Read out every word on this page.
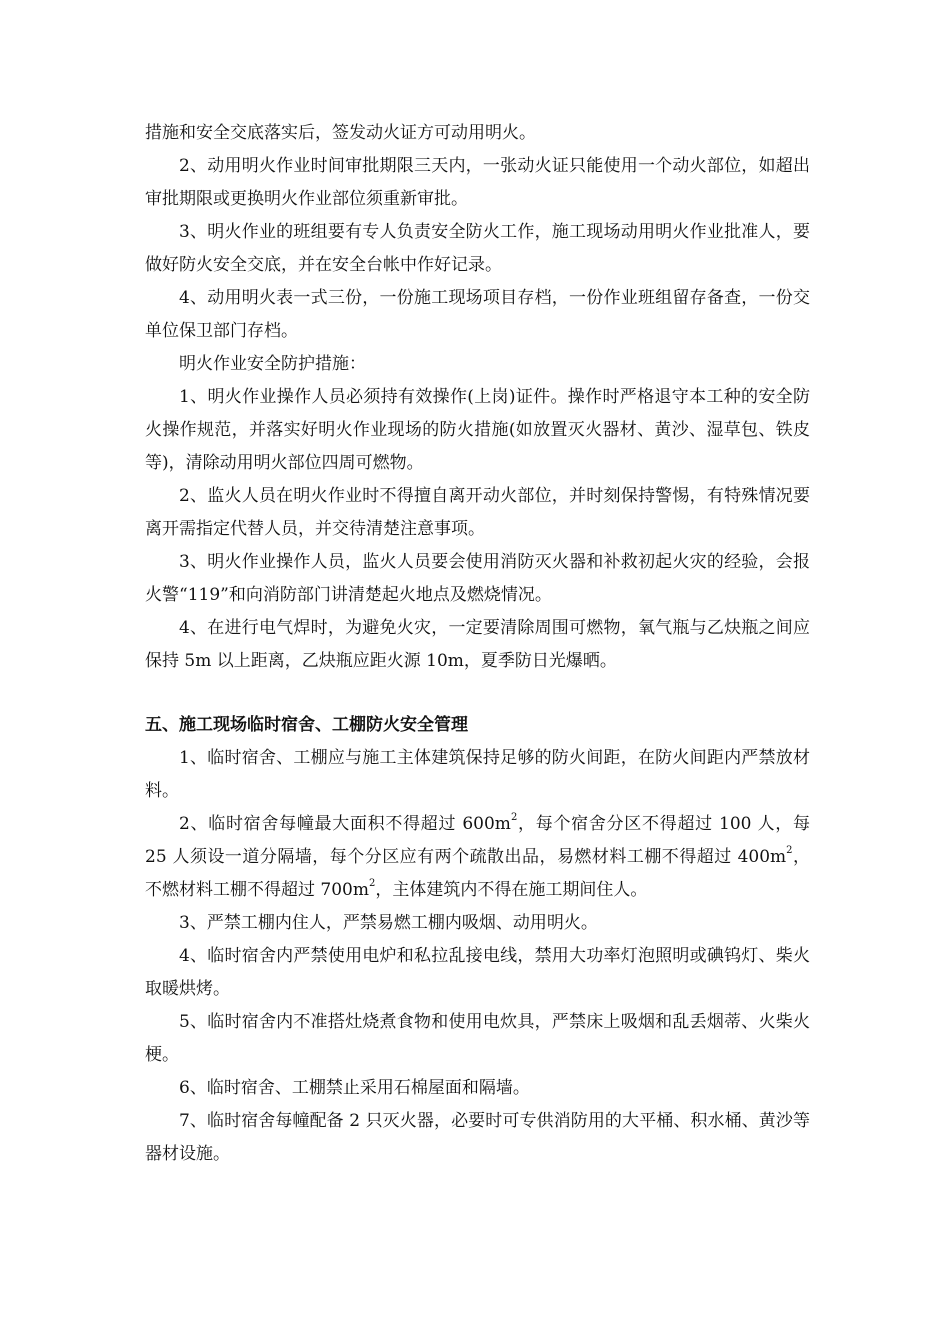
措施和安全交底落实后，签发动火证方可动用明火。

2、动用明火作业时间审批期限三天内，一张动火证只能使用一个动火部位，如超出审批期限或更换明火作业部位须重新审批。

3、明火作业的班组要有专人负责安全防火工作，施工现场动用明火作业批准人，要做好防火安全交底，并在安全台帐中作好记录。

4、动用明火表一式三份，一份施工现场项目存档，一份作业班组留存备查，一份交单位保卫部门存档。

明火作业安全防护措施：

1、明火作业操作人员必须持有效操作(上岗)证件。操作时严格退守本工种的安全防火操作规范，并落实好明火作业现场的防火措施(如放置灭火器材、黄沙、湿草包、铁皮等)，清除动用明火部位四周可燃物。

2、监火人员在明火作业时不得擅自离开动火部位，并时刻保持警惕，有特殊情况要离开需指定代替人员，并交待清楚注意事项。

3、明火作业操作人员，监火人员要会使用消防灭火器和补救初起火灾的经验，会报火警“119”和向消防部门讲清楚起火地点及燃烧情况。

4、在进行电气焊时，为避免火灾，一定要清除周围可燃物，氧气瓶与乙炔瓶之间应保持 5m 以上距离，乙炔瓶应距火源 10m，夏季防日光爆晒。

五、施工现场临时宿舍、工棚防火安全管理

1、临时宿舍、工棚应与施工主体建筑保持足够的防火间距，在防火间距内严禁放材料。

2、临时宿舍每幢最大面积不得超过 $600m^2$，每个宿舍分区不得超过 100 人，每 25 人须设一道分隔墙，每个分区应有两个疏散出品，易燃材料工棚不得超过 $400m^2$，不燃材料工棚不得超过 $700m^2$，主体建筑内不得在施工期间住人。

3、严禁工棚内住人，严禁易燃工棚内吸烟、动用明火。

4、临时宿舍内严禁使用电炉和私拉乱接电线，禁用大功率灯泡照明或碘钨灯、柴火取暖烘烤。

5、临时宿舍内不准搭灶烧煮食物和使用电炊具，严禁床上吸烟和乱丢烟蒂、火柴火梗。

6、临时宿舍、工棚禁止采用石棉屋面和隔墙。

7、临时宿舍每幢配备 2 只灭火器，必要时可专供消防用的大平桶、积水桶、黄沙等器材设施。
